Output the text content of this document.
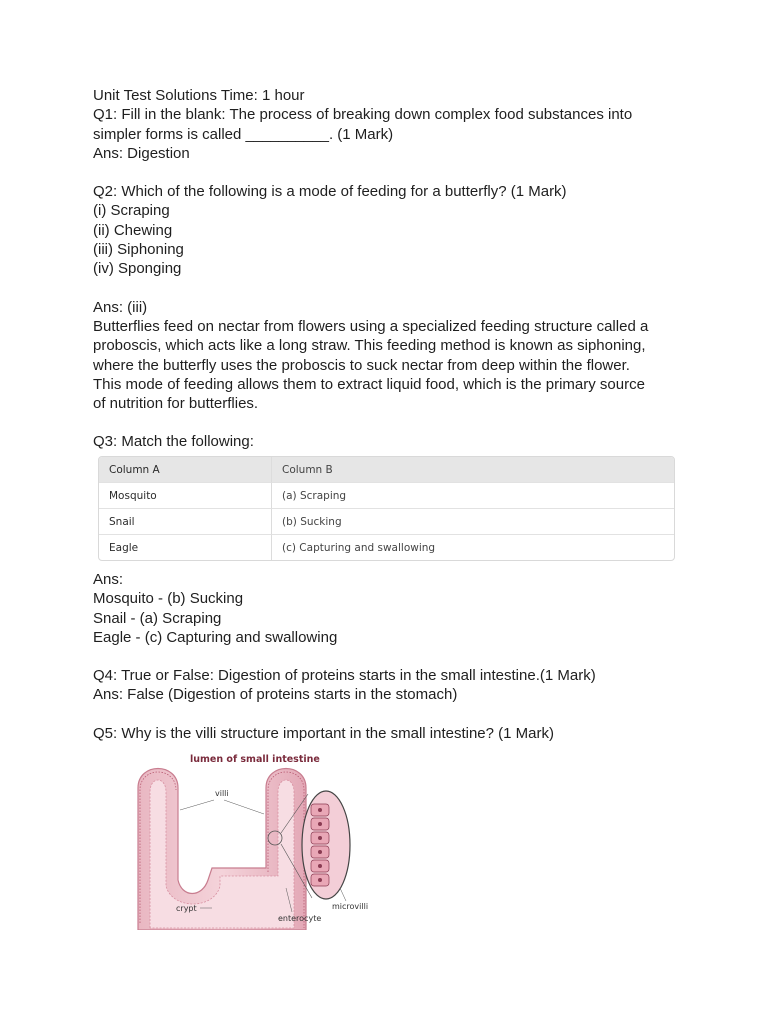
Unit Test Solutions Time: 1 hour
Q1: Fill in the blank: The process of breaking down complex food substances into
simpler forms is called __________. (1 Mark)
Ans: Digestion
Q2: Which of the following is a mode of feeding for a butterfly? (1 Mark)
(i) Scraping
(ii) Chewing
(iii) Siphoning
(iv) Sponging
Ans: (iii)
Butterflies feed on nectar from flowers using a specialized feeding structure called a
proboscis, which acts like a long straw. This feeding method is known as siphoning,
where the butterfly uses the proboscis to suck nectar from deep within the flower.
This mode of feeding allows them to extract liquid food, which is the primary source
of nutrition for butterflies.
Q3: Match the following:
Column A	Column B
Mosquito	(a) Scraping
Snail	(b) Sucking
Eagle	(c) Capturing and swallowing
Ans:
Mosquito - (b) Sucking
Snail - (a) Scraping
Eagle - (c) Capturing and swallowing
Q4: True or False: Digestion of proteins starts in the small intestine.(1 Mark)
Ans: False (Digestion of proteins starts in the stomach)
Q5: Why is the villi structure important in the small intestine? (1 Mark)
lumen of small intestine
villi
crypt
enterocyte
microvilli
